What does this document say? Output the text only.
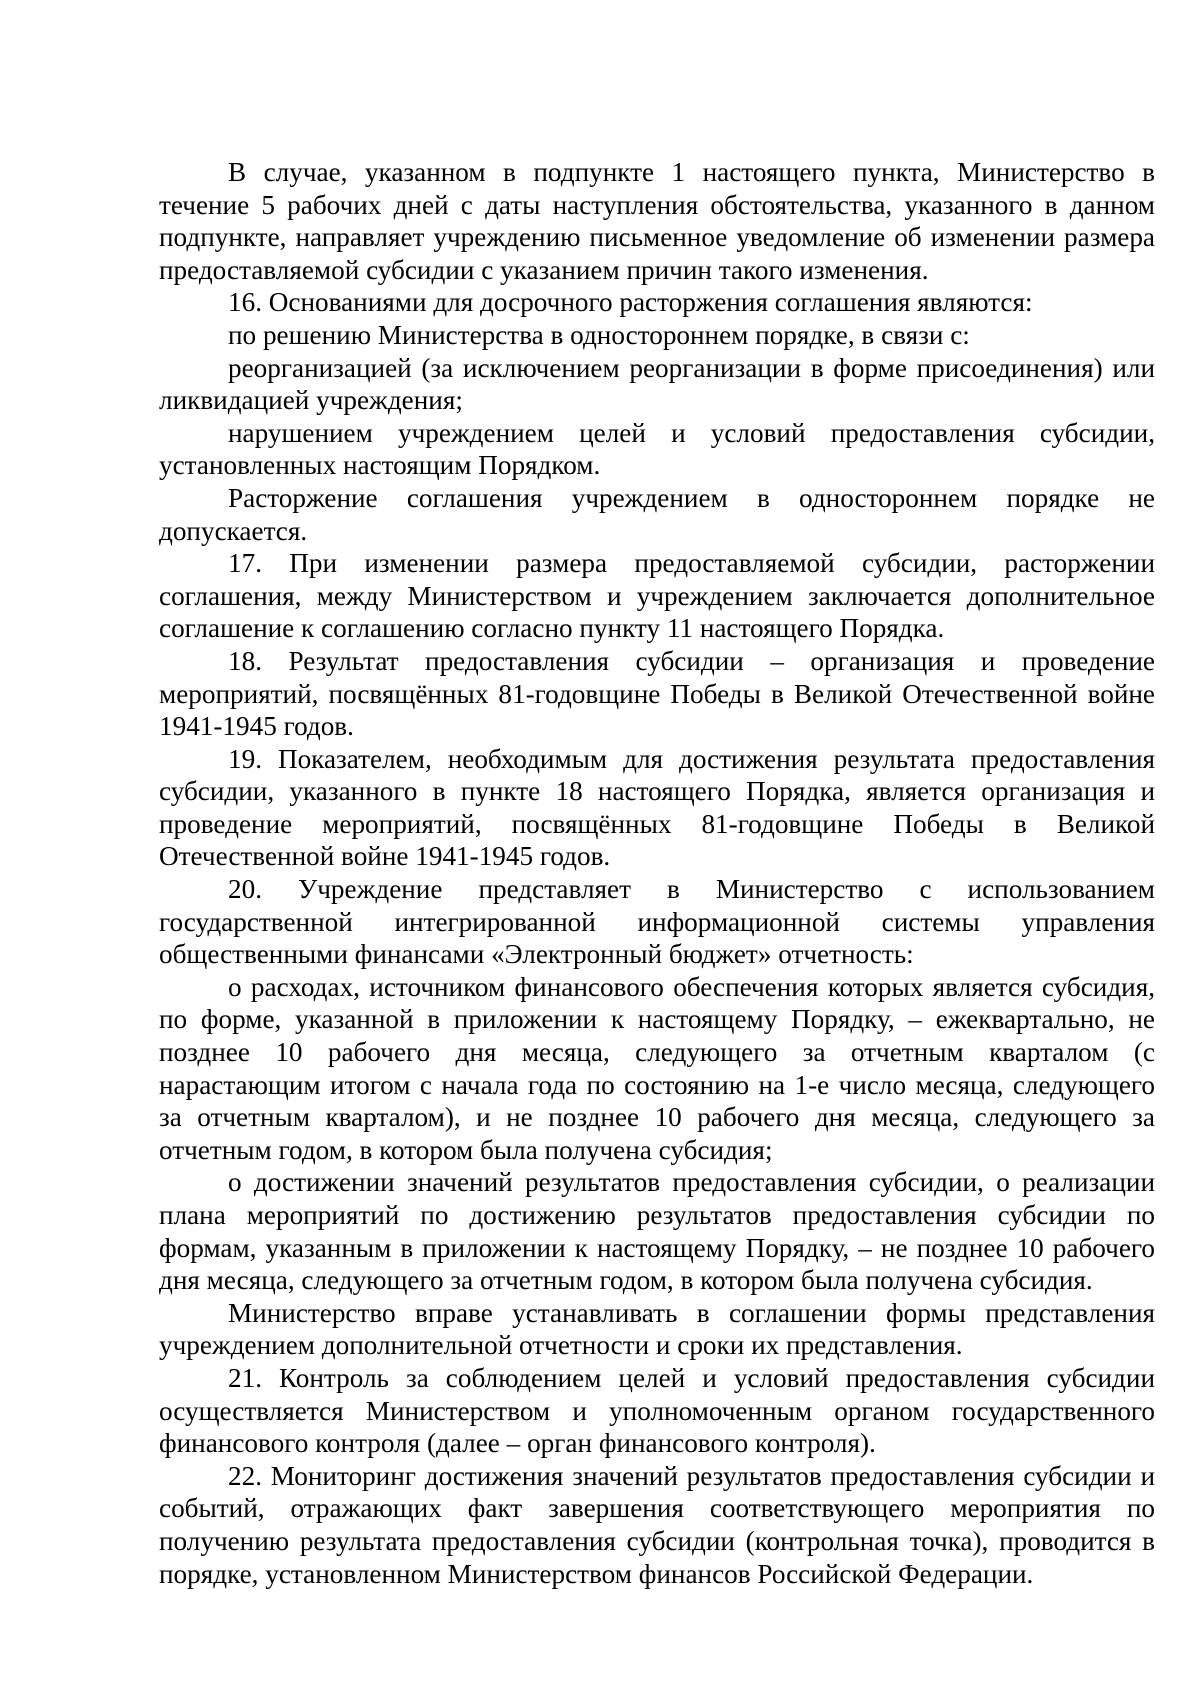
В случае, указанном в подпункте 1 настоящего пункта, Министерство в течение 5 рабочих дней с даты наступления обстоятельства, указанного в данном подпункте, направляет учреждению письменное уведомление об изменении размера предоставляемой субсидии с указанием причин такого изменения.

16. Основаниями для досрочного расторжения соглашения являются:

по решению Министерства в одностороннем порядке, в связи с:

реорганизацией (за исключением реорганизации в форме присоединения) или ликвидацией учреждения;

нарушением учреждением целей и условий предоставления субсидии, установленных настоящим Порядком.

Расторжение соглашения учреждением в одностороннем порядке не допускается.

17. При изменении размера предоставляемой субсидии, расторжении соглашения, между Министерством и учреждением заключается дополнительное соглашение к соглашению согласно пункту 11 настоящего Порядка.

18. Результат предоставления субсидии – организация и проведение мероприятий, посвящённых 81-годовщине Победы в Великой Отечественной войне 1941-1945 годов.

19. Показателем, необходимым для достижения результата предоставления субсидии, указанного в пункте 18 настоящего Порядка, является организация и проведение мероприятий, посвящённых 81-годовщине Победы в Великой Отечественной войне 1941-1945 годов.

20. Учреждение представляет в Министерство с использованием государственной интегрированной информационной системы управления общественными финансами «Электронный бюджет» отчетность:

о расходах, источником финансового обеспечения которых является субсидия, по форме, указанной в приложении к настоящему Порядку, – ежеквартально, не позднее 10 рабочего дня месяца, следующего за отчетным кварталом (с нарастающим итогом с начала года по состоянию на 1-е число месяца, следующего за отчетным кварталом), и не позднее 10 рабочего дня месяца, следующего за отчетным годом, в котором была получена субсидия;

о достижении значений результатов предоставления субсидии, о реализации плана мероприятий по достижению результатов предоставления субсидии по формам, указанным в приложении к настоящему Порядку, – не позднее 10 рабочего дня месяца, следующего за отчетным годом, в котором была получена субсидия.

Министерство вправе устанавливать в соглашении формы представления учреждением дополнительной отчетности и сроки их представления.

21. Контроль за соблюдением целей и условий предоставления субсидии осуществляется Министерством и уполномоченным органом государственного финансового контроля (далее – орган финансового контроля).

22. Мониторинг достижения значений результатов предоставления субсидии и событий, отражающих факт завершения соответствующего мероприятия по получению результата предоставления субсидии (контрольная точка), проводится в порядке, установленном Министерством финансов Российской Федерации.
